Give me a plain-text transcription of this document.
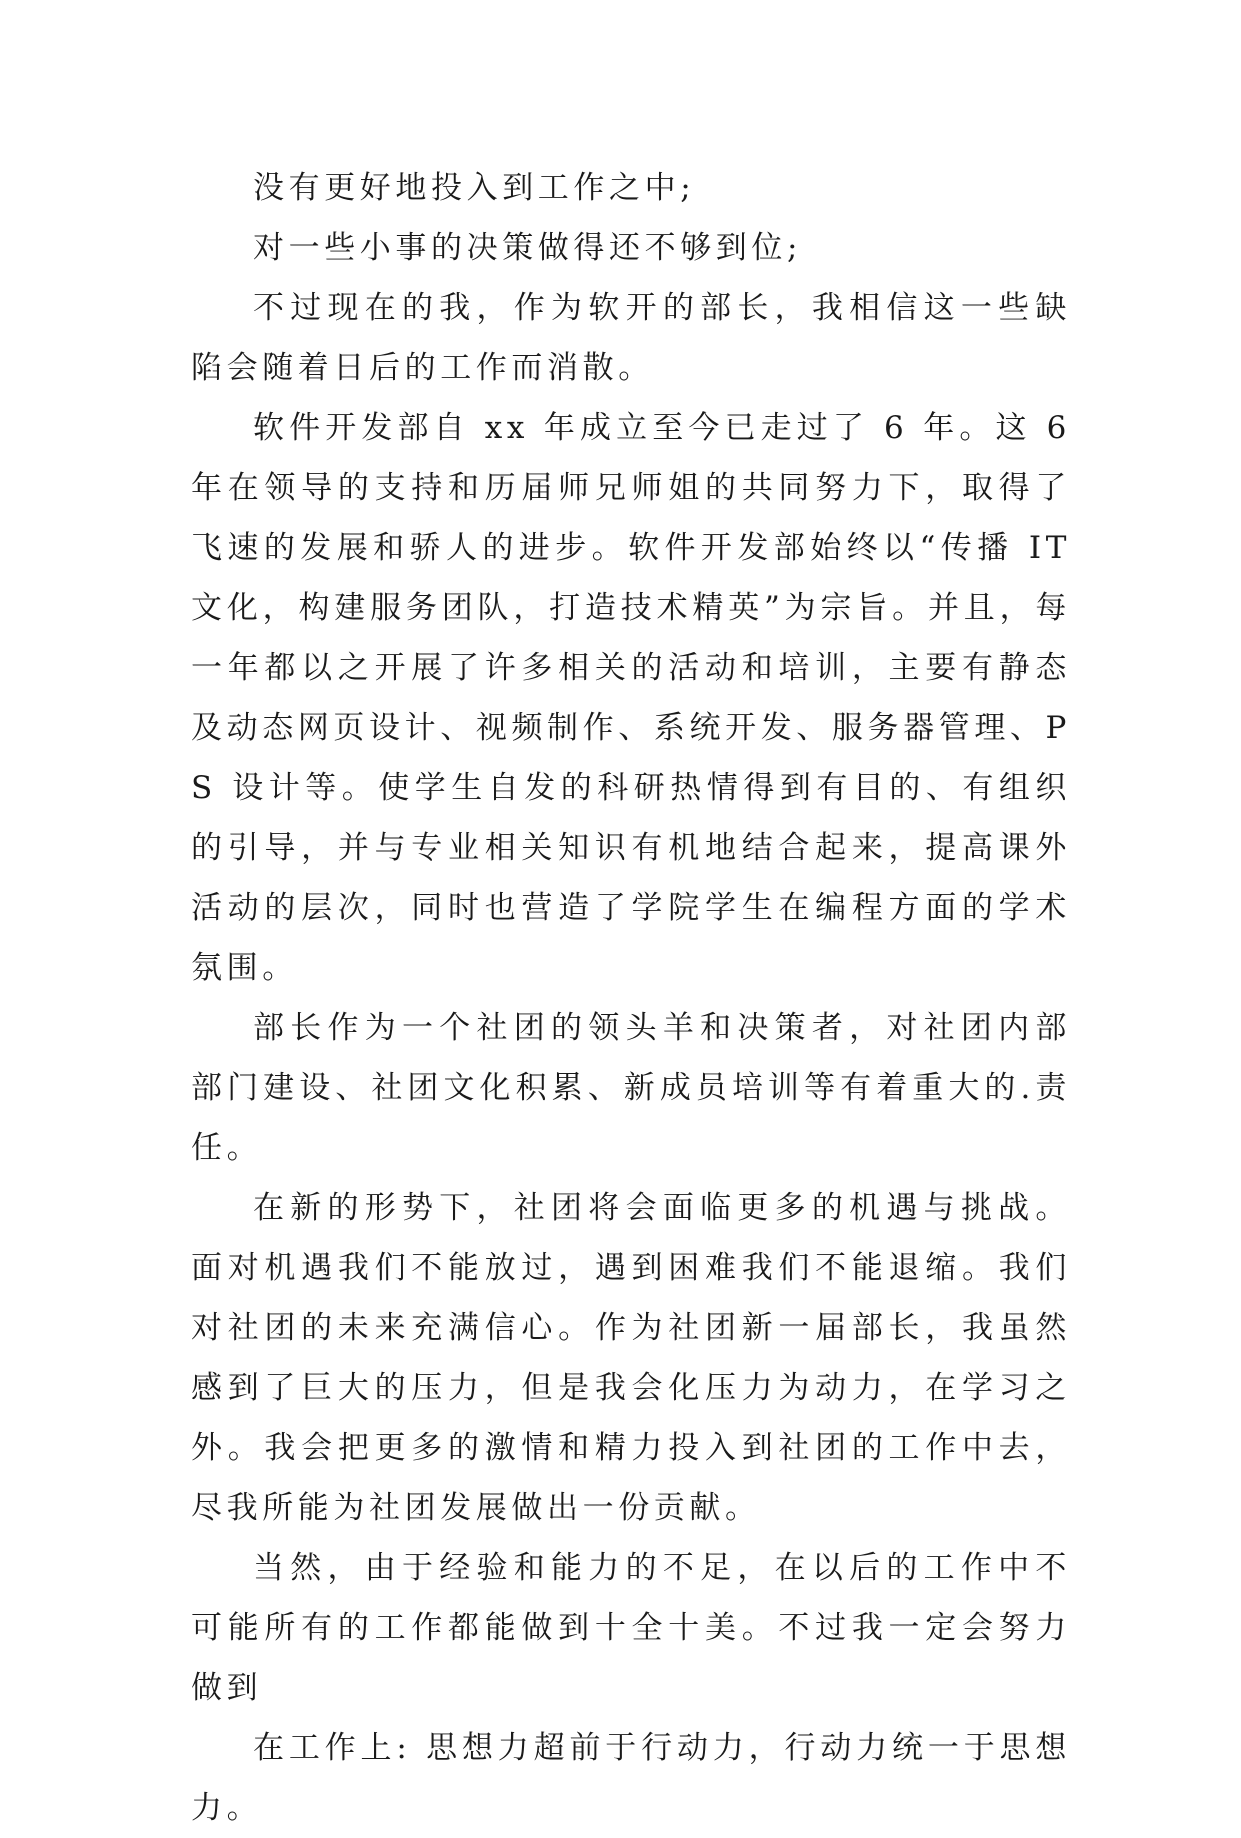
没有更好地投入到工作之中;

对一些小事的决策做得还不够到位;

不过现在的我，作为软开的部长，我相信这一些缺陷会随着日后的工作而消散。

软件开发部自 xx 年成立至今已走过了 6 年。这 6 年在领导的支持和历届师兄师姐的共同努力下，取得了飞速的发展和骄人的进步。软件开发部始终以“传播 IT 文化，构建服务团队，打造技术精英”为宗旨。并且，每一年都以之开展了许多相关的活动和培训，主要有静态及动态网页设计、视频制作、系统开发、服务器管理、PS 设计等。使学生自发的科研热情得到有目的、有组织的引导，并与专业相关知识有机地结合起来，提高课外活动的层次，同时也营造了学院学生在编程方面的学术氛围。

部长作为一个社团的领头羊和决策者，对社团内部部门建设、社团文化积累、新成员培训等有着重大的.责任。

在新的形势下，社团将会面临更多的机遇与挑战。面对机遇我们不能放过，遇到困难我们不能退缩。我们对社团的未来充满信心。作为社团新一届部长，我虽然感到了巨大的压力，但是我会化压力为动力，在学习之外。我会把更多的激情和精力投入到社团的工作中去，尽我所能为社团发展做出一份贡献。

当然，由于经验和能力的不足，在以后的工作中不可能所有的工作都能做到十全十美。不过我一定会努力做到

在工作上: 思想力超前于行动力，行动力统一于思想力。
